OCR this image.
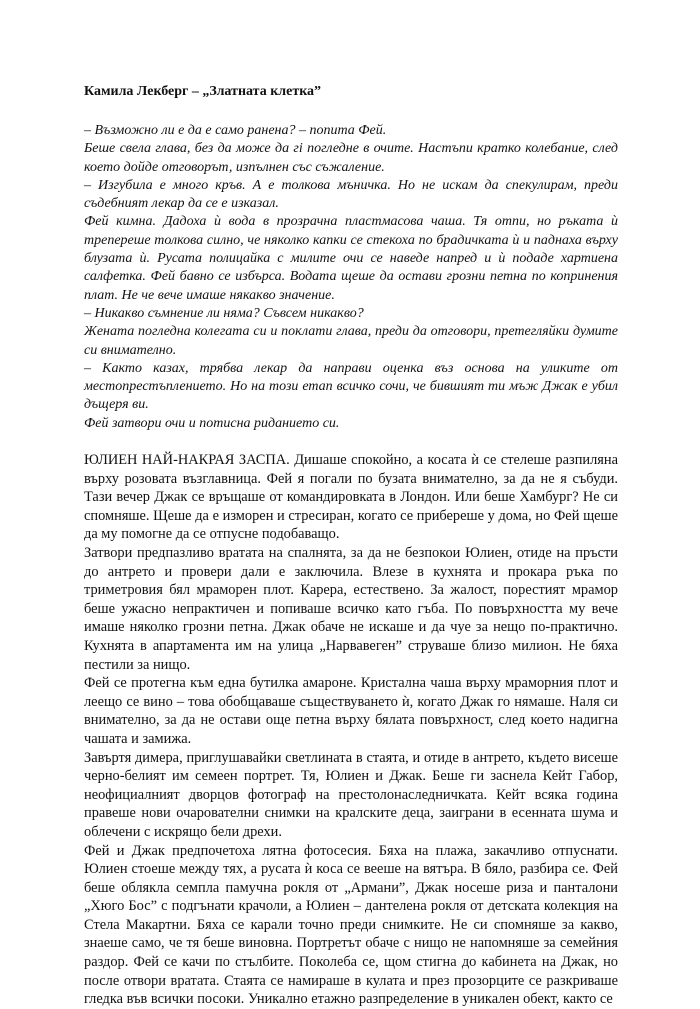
Камила Лекберг – „Златната клетка”

– Възможно ли е да е само ранена? – попита Фей.

Беше свела глава, без да може да гі погледне в очите. Настъпи кратко колебание, след което дойде отговорът, изпълнен със съжаление.

– Изгубила е много кръв. А е толкова мъничка. Но не искам да спекулирам, преди съдебният лекар да се е изказал.

Фей кимна. Дадоха ѝ вода в прозрачна пластмасова чаша. Тя отпи, но ръката ѝ трепереше толкова силно, че няколко капки се стекоха по брадичката ѝ и паднаха върху блузата ѝ. Русата полицайка с милите очи се наведе напред и ѝ подаде хартиена салфетка. Фей бавно се избърса. Водата щеше да остави грозни петна по копринения плат. Не че вече имаше някакво значение.

– Никакво съмнение ли няма? Съвсем никакво?

Жената погледна колегата си и поклати глава, преди да отговори, претегляйки думите си внимателно.

– Както казах, трябва лекар да направи оценка въз основа на уликите от местопрестъплението. Но на този етап всичко сочи, че бившият ти мъж Джак е убил дъщеря ви.

Фей затвори очи и потисна риданието си.

ЮЛИЕН НАЙ-НАКРАЯ ЗАСПА. Дишаше спокойно, а косата ѝ се стелеше разпиляна върху розовата възглавница. Фей я погали по бузата внимателно, за да не я събуди. Тази вечер Джак се връщаше от командировката в Лондон. Или беше Хамбург? Не си спомняше. Щеше да е изморен и стресиран, когато се прибереше у дома, но Фей щеше да му помогне да се отпусне подобаващо.

Затвори предпазливо вратата на спалнята, за да не безпокои Юлиен, отиде на пръсти до антрето и провери дали е заключила. Влезе в кухнята и прокара ръка по триметровия бял мраморен плот. Карера, естествено. За жалост, порестият мрамор беше ужасно непрактичен и попиваше всичко като гъба. По повърхността му вече имаше няколко грозни петна. Джак обаче не искаше и да чуе за нещо по-практично. Кухнята в апартамента им на улица „Нарвавеген” струваше близо милион. Не бяха пестили за нищо.

Фей се протегна към една бутилка амароне. Кристална чаша върху мраморния плот и леещо се вино – това обобщаваше съществуването ѝ, когато Джак го нямаше. Наля си внимателно, за да не остави още петна върху бялата повърхност, след което надигна чашата и замижа.

Завъртя димера, приглушавайки светлината в стаята, и отиде в антрето, където висеше черно-белият им семеен портрет. Тя, Юлиен и Джак. Беше ги заснела Кейт Габор, неофициалният дворцов фотограф на престолонаследничката. Кейт всяка година правеше нови очарователни снимки на кралските деца, заиграни в есенната шума и облечени с искрящо бели дрехи.

Фей и Джак предпочетоха лятна фотосесия. Бяха на плажа, закачливо отпуснати. Юлиен стоеше между тях, а русата ѝ коса се вееше на вятъра. В бяло, разбира се. Фей беше облякла семпла памучна рокля от „Армани”, Джак носеше риза и панталони „Хюго Бос” с подгънати крачоли, а Юлиен – дантелена рокля от детската колекция на Стела Макартни. Бяха се карали точно преди снимките. Не си спомняше за какво, знаеше само, че тя беше виновна. Портретът обаче с нищо не напомняше за семейния раздор. Фей се качи по стълбите. Поколеба се, щом стигна до кабинета на Джак, но после отвори вратата. Стаята се намираше в кулата и през прозорците се разкриваше гледка във всички посоки. Уникално етажно разпределение в уникален обект, както се
